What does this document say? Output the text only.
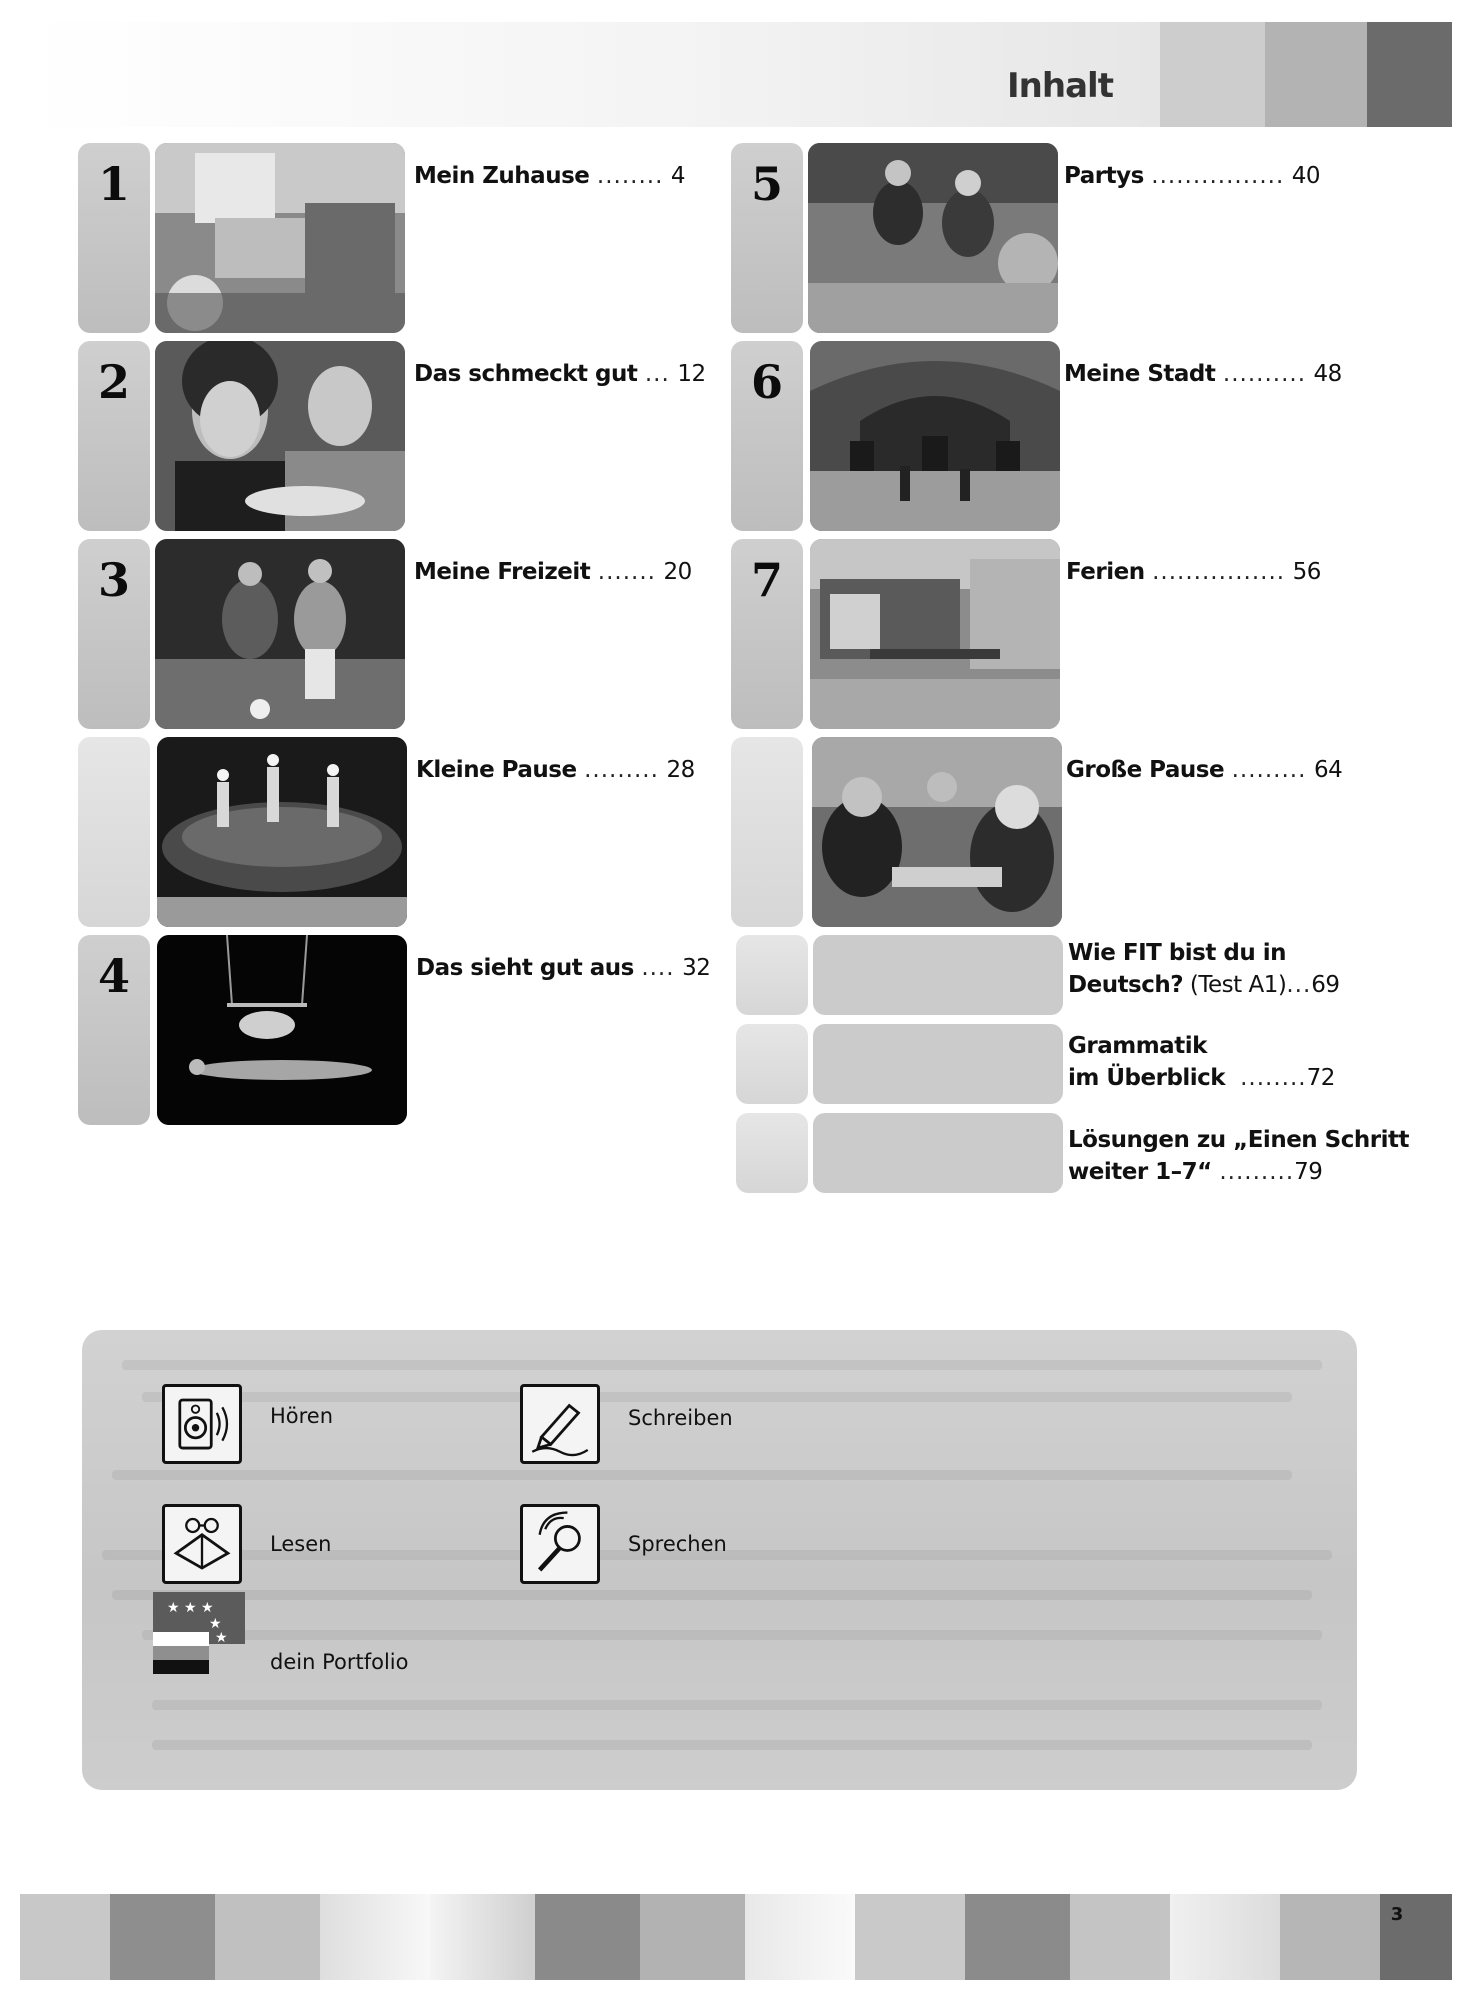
Inhalt
1	Mein Zuhause ........ 4
2	Das schmeckt gut ... 12
3	Meine Freizeit ....... 20
Kleine Pause ......... 28
4	Das sieht gut aus .... 32
5	Partys ................ 40
6	Meine Stadt .......... 48
7	Ferien ................ 56
Große Pause ......... 64
Wie FIT bist du in
Deutsch? (Test A1)...69
Grammatik
im Überblick ........72
Lösungen zu „Einen Schritt
weiter 1–7“ .........79
Hören	Schreiben
Lesen	Sprechen
★ ★ ★
★
★
dein Portfolio
3
